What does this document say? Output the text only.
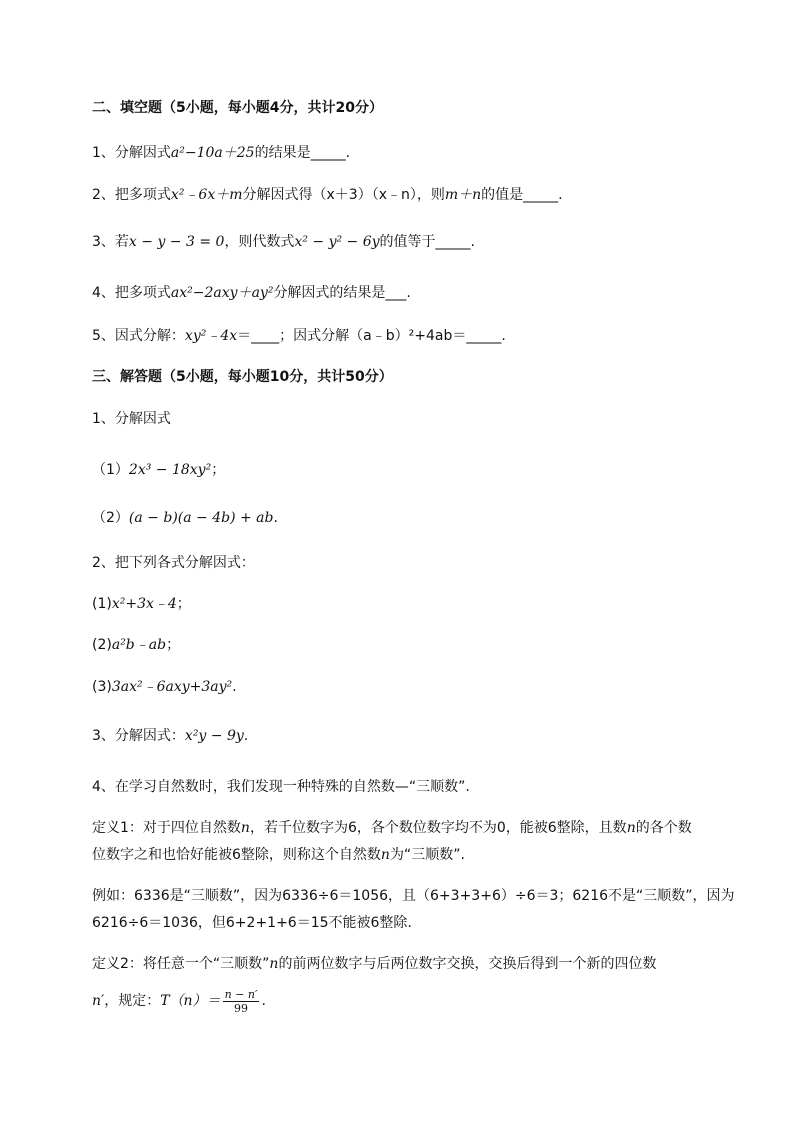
二、填空题（5小题，每小题4分，共计20分）
1、分解因式a²−10a＋25的结果是_____.
2、把多项式x²﹣6x＋m分解因式得（x＋3）（x﹣n），则m＋n的值是_____.
3、若x − y − 3 = 0，则代数式x² − y² − 6y的值等于_____.
4、把多项式ax²−2axy＋ay²分解因式的结果是___.
5、因式分解：xy²﹣4x＝____；因式分解（a﹣b）²+4ab＝_____.
三、解答题（5小题，每小题10分，共计50分）
1、分解因式
（1）2x³ − 18xy²；
（2）(a − b)(a − 4b) + ab.
2、把下列各式分解因式：
(1)x²+3x﹣4；
(2)a²b﹣ab；
(3)3ax²﹣6axy+3ay².
3、分解因式：x²y − 9y.
4、在学习自然数时，我们发现一种特殊的自然数—“三顺数”.
定义1：对于四位自然数n，若千位数字为6，各个数位数字均不为0，能被6整除，且数n的各个数
位数字之和也恰好能被6整除，则称这个自然数n为“三顺数”.
例如：6336是“三顺数”，因为6336÷6＝1056，且（6+3+3+6）÷6＝3；6216不是“三顺数”，因为
6216÷6＝1036，但6+2+1+6＝15不能被6整除.
定义2：将任意一个“三顺数”n的前两位数字与后两位数字交换，交换后得到一个新的四位数
n′，规定：$T(n)= \frac{n - n'}{99}$ .
